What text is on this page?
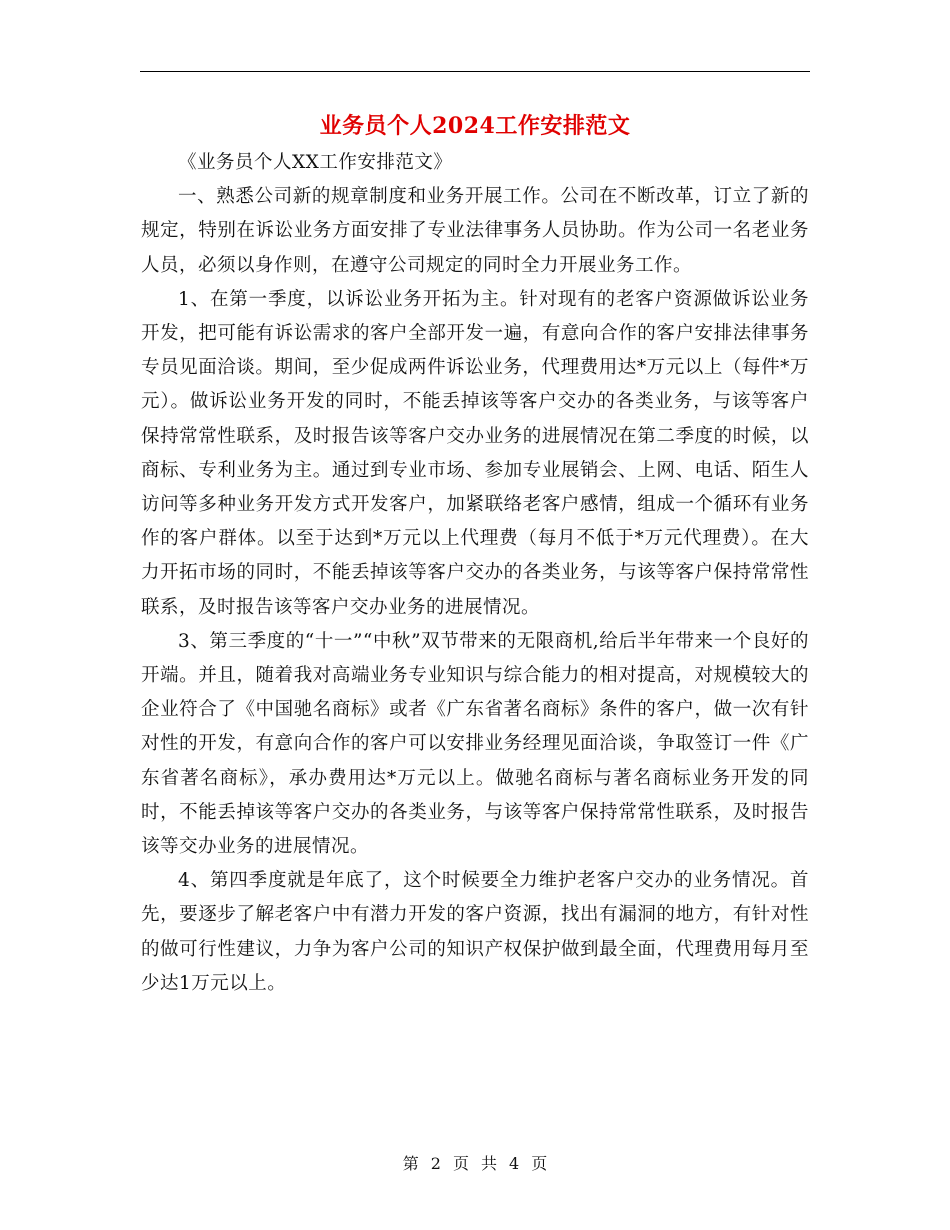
业务员个人2024工作安排范文

《业务员个人XX工作安排范文》

一、熟悉公司新的规章制度和业务开展工作。公司在不断改革，订立了新的规定，特别在诉讼业务方面安排了专业法律事务人员协助。作为公司一名老业务人员，必须以身作则，在遵守公司规定的同时全力开展业务工作。

1、在第一季度，以诉讼业务开拓为主。针对现有的老客户资源做诉讼业务开发，把可能有诉讼需求的客户全部开发一遍，有意向合作的客户安排法律事务专员见面洽谈。期间，至少促成两件诉讼业务，代理费用达*万元以上（每件*万元）。做诉讼业务开发的同时，不能丢掉该等客户交办的各类业务，与该等客户保持常常性联系，及时报告该等客户交办业务的进展情况在第二季度的时候，以商标、专利业务为主。通过到专业市场、参加专业展销会、上网、电话、陌生人访问等多种业务开发方式开发客户，加紧联络老客户感情，组成一个循环有业务作的客户群体。以至于达到*万元以上代理费（每月不低于*万元代理费）。在大力开拓市场的同时，不能丢掉该等客户交办的各类业务，与该等客户保持常常性联系，及时报告该等客户交办业务的进展情况。

3、第三季度的“十一”“中秋”双节带来的无限商机,给后半年带来一个良好的开端。并且，随着我对高端业务专业知识与综合能力的相对提高，对规模较大的企业符合了《中国驰名商标》或者《广东省著名商标》条件的客户，做一次有针对性的开发，有意向合作的客户可以安排业务经理见面洽谈，争取签订一件《广东省著名商标》，承办费用达*万元以上。做驰名商标与著名商标业务开发的同时，不能丢掉该等客户交办的各类业务，与该等客户保持常常性联系，及时报告该等交办业务的进展情况。

4、第四季度就是年底了，这个时候要全力维护老客户交办的业务情况。首先，要逐步了解老客户中有潜力开发的客户资源，找出有漏洞的地方，有针对性的做可行性建议，力争为客户公司的知识产权保护做到最全面，代理费用每月至少达1万元以上。

第 2 页 共 4 页
